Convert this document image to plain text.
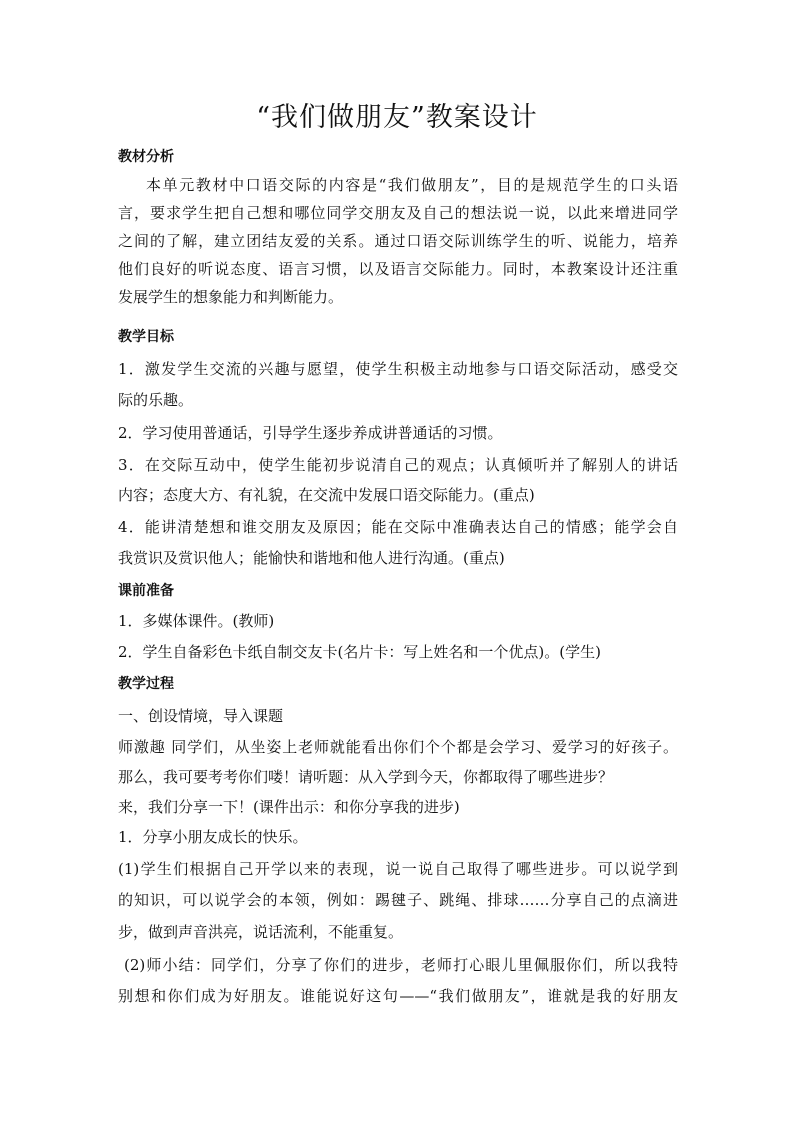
“我们做朋友”教案设计
教材分析
本单元教材中口语交际的内容是“我们做朋友”，目的是规范学生的口头语
言，要求学生把自己想和哪位同学交朋友及自己的想法说一说，以此来增进同学
之间的了解，建立团结友爱的关系。通过口语交际训练学生的听、说能力，培养
他们良好的听说态度、语言习惯，以及语言交际能力。同时，本教案设计还注重
发展学生的想象能力和判断能力。
教学目标
1．激发学生交流的兴趣与愿望，使学生积极主动地参与口语交际活动，感受交
际的乐趣。
2．学习使用普通话，引导学生逐步养成讲普通话的习惯。
3．在交际互动中，使学生能初步说清自己的观点；认真倾听并了解别人的讲话
内容；态度大方、有礼貌，在交流中发展口语交际能力。(重点)
4．能讲清楚想和谁交朋友及原因；能在交际中准确表达自己的情感；能学会自
我赏识及赏识他人；能愉快和谐地和他人进行沟通。(重点)
课前准备
1．多媒体课件。(教师)
2．学生自备彩色卡纸自制交友卡(名片卡：写上姓名和一个优点)。(学生)
教学过程
一、创设情境，导入课题
师激趣 同学们，从坐姿上老师就能看出你们个个都是会学习、爱学习的好孩子。
那么，我可要考考你们喽！请听题：从入学到今天，你都取得了哪些进步？
来，我们分享一下！(课件出示：和你分享我的进步)
1．分享小朋友成长的快乐。
(1)学生们根据自己开学以来的表现，说一说自己取得了哪些进步。可以说学到
的知识，可以说学会的本领，例如：踢毽子、跳绳、排球……分享自己的点滴进
步，做到声音洪亮，说话流利，不能重复。
(2)师小结：同学们，分享了你们的进步，老师打心眼儿里佩服你们，所以我特
别想和你们成为好朋友。谁能说好这句——“我们做朋友”，谁就是我的好朋友
